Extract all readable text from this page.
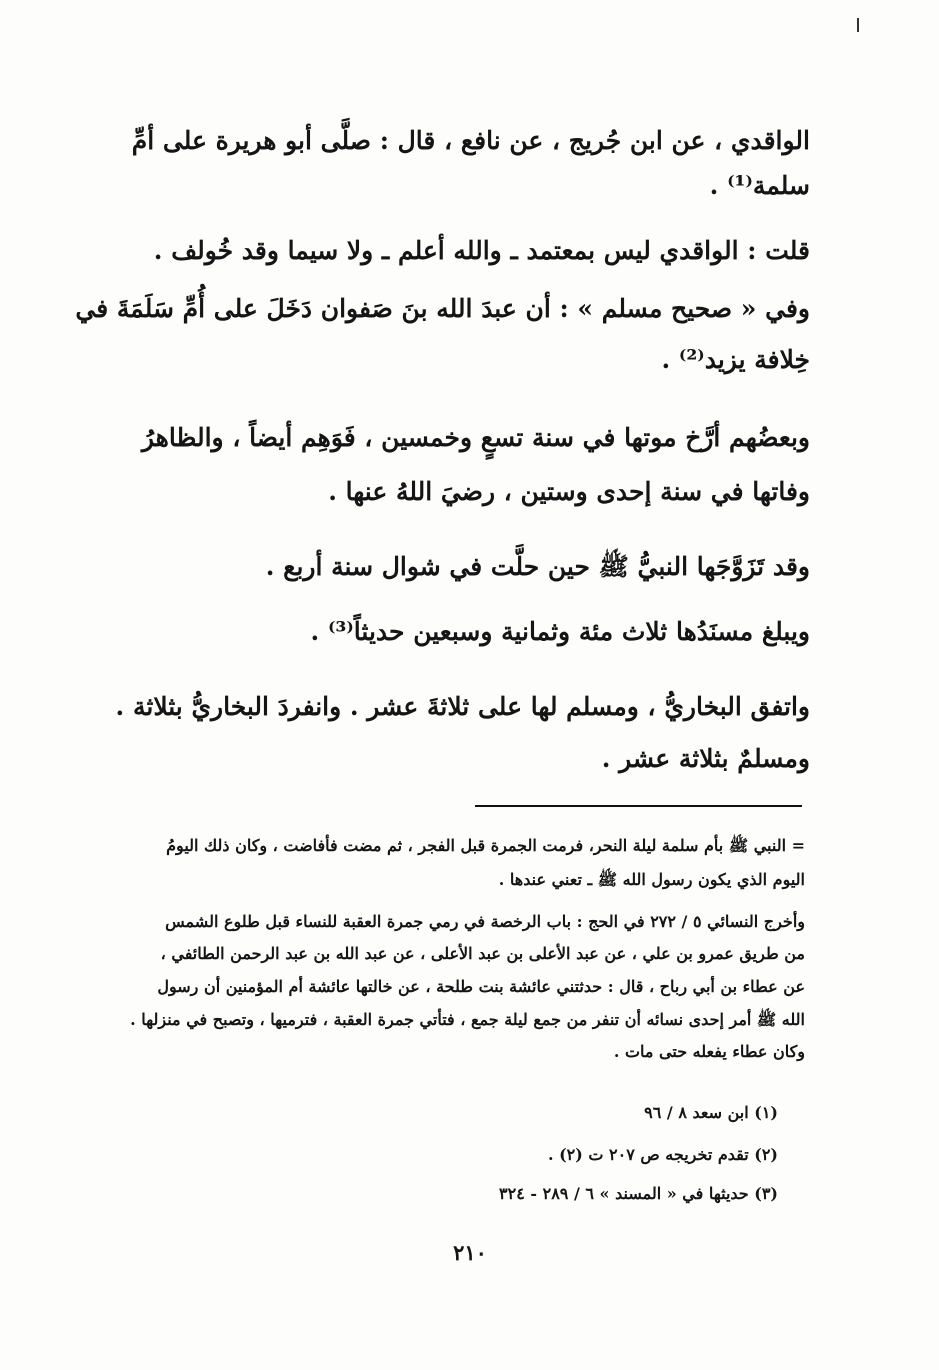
الواقدي ، عن ابن جُريج ، عن نافع ، قال : صلَّى أبو هريرة على أمِّ
سلمة⁽¹⁾ .
قلت : الواقدي ليس بمعتمد ـ والله أعلم ـ ولا سيما وقد خُولف .
وفي « صحيح مسلم » : أن عبدَ الله بنَ صَفوان دَخَلَ على أُمِّ سَلَمَةَ في
خِلافة يزيد⁽²⁾ .
وبعضُهم أرَّخ موتها في سنة تسعٍ وخمسين ، فَوَهِم أيضاً ، والظاهرُ
وفاتها في سنة إحدى وستين ، رضيَ اللهُ عنها .
وقد تَزَوَّجَها النبيُّ ﷺ حين حلَّت في شوال سنة أربع .
ويبلغ مسنَدُها ثلاث مئة وثمانية وسبعين حديثاً⁽³⁾ .
واتفق البخاريُّ ، ومسلم لها على ثلاثةَ عشر . وانفردَ البخاريُّ بثلاثة .
ومسلمٌ بثلاثة عشر .
= النبي ﷺ بأم سلمة ليلة النحر، فرمت الجمرة قبل الفجر ، ثم مضت فأفاضت ، وكان ذلك اليومُ
اليوم الذي يكون رسول الله ﷺ ـ تعني عندها .
وأخرج النسائي ٥ / ٢٧٢ في الحج : باب الرخصة في رمي جمرة العقبة للنساء قبل طلوع الشمس
من طريق عمرو بن علي ، عن عبد الأعلى بن عبد الأعلى ، عن عبد الله بن عبد الرحمن الطائفي ،
عن عطاء بن أبي رباح ، قال : حدثتني عائشة بنت طلحة ، عن خالتها عائشة أم المؤمنين أن رسول
الله ﷺ أمر إحدى نسائه أن تنفر من جمع ليلة جمع ، فتأتي جمرة العقبة ، فترميها ، وتصبح في منزلها .
وكان عطاء يفعله حتى مات .
(١) ابن سعد ٨ / ٩٦
(٢) تقدم تخريجه ص ٢٠٧ ت (٢) .
(٣) حديثها في « المسند » ٦ / ٢٨٩ - ٣٢٤
٢١٠
